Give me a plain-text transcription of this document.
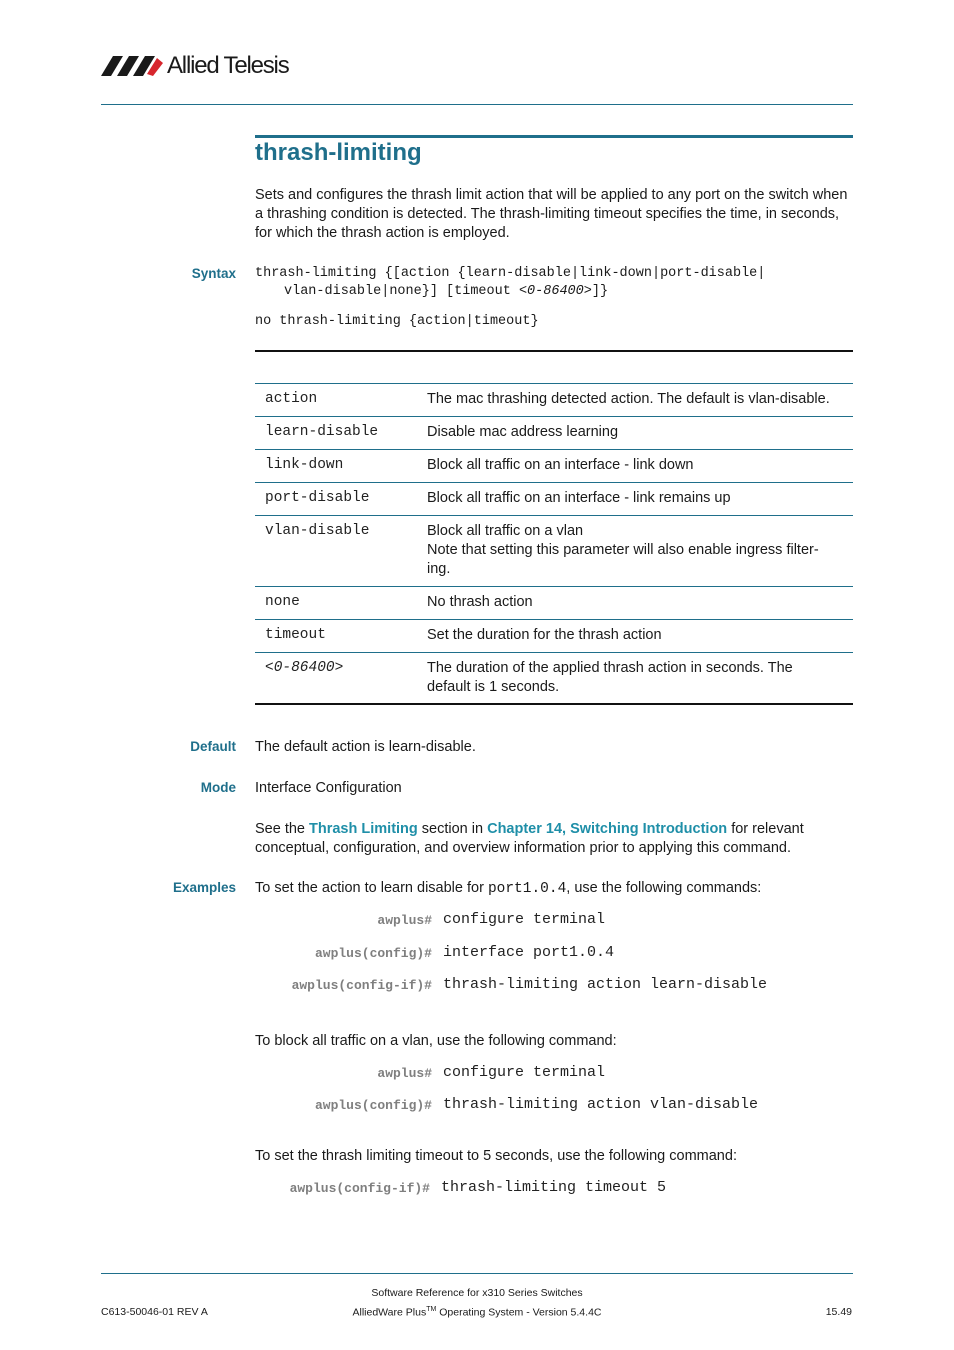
Allied Telesis
thrash-limiting
Sets and configures the thrash limit action that will be applied to any port on the switch when a thrashing condition is detected. The thrash-limiting timeout specifies the time, in seconds, for which the thrash action is employed.
Syntax thrash-limiting {[action {learn-disable|link-down|port-disable|
vlan-disable|none}] [timeout <0-86400>]}
no thrash-limiting {action|timeout}
action	The mac thrashing detected action. The default is vlan-disable.
learn-disable	Disable mac address learning
link-down	Block all traffic on an interface - link down
port-disable	Block all traffic on an interface - link remains up
vlan-disable	Block all traffic on a vlan
Note that setting this parameter will also enable ingress filter-
ing.
none	No thrash action
timeout	Set the duration for the thrash action
<0-86400>	The duration of the applied thrash action in seconds. The
default is 1 seconds.
Default The default action is learn-disable.
Mode Interface Configuration
See the Thrash Limiting section in Chapter 14, Switching Introduction for relevant conceptual, configuration, and overview information prior to applying this command.
Examples To set the action to learn disable for port1.0.4, use the following commands:
awplus# configure terminal
awplus(config)# interface port1.0.4
awplus(config-if)# thrash-limiting action learn-disable
To block all traffic on a vlan, use the following command:
awplus# configure terminal
awplus(config)# thrash-limiting action vlan-disable
To set the thrash limiting timeout to 5 seconds, use the following command:
awplus(config-if)# thrash-limiting timeout 5
C613-50046-01 REV A
Software Reference for x310 Series Switches
AlliedWare Plus™ Operating System - Version 5.4.4C	15.49
